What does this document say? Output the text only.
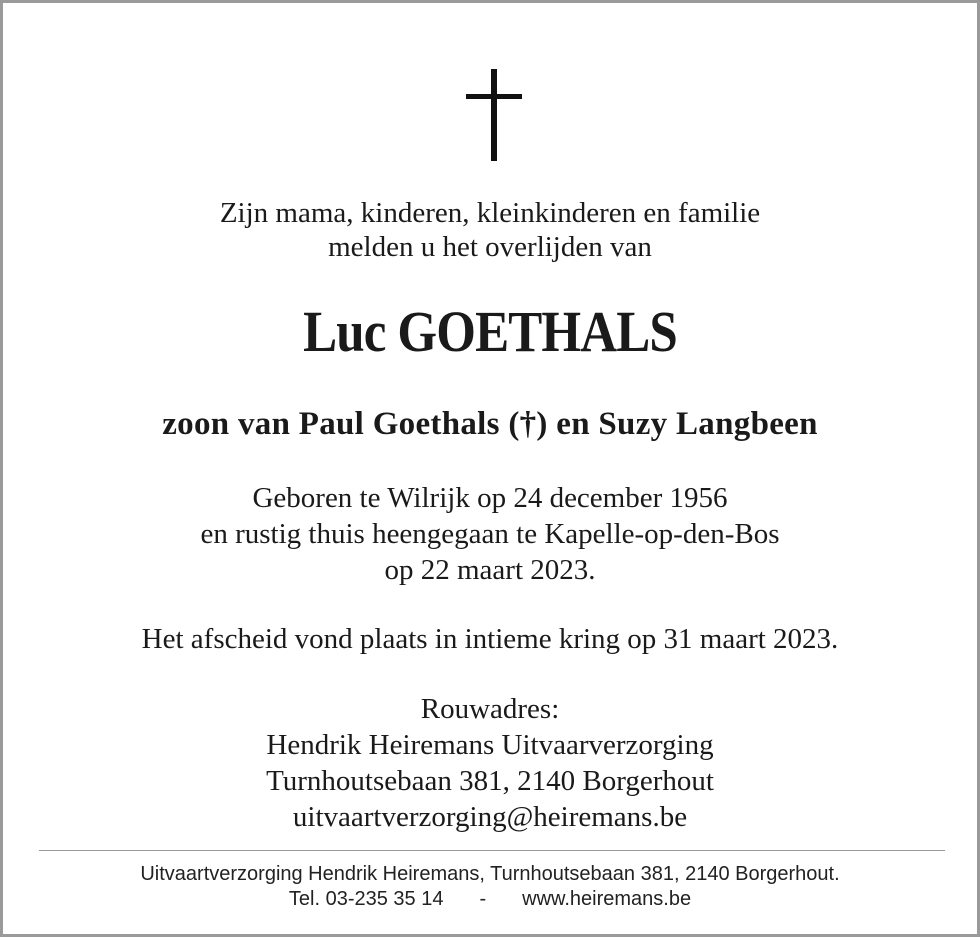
Zijn mama, kinderen, kleinkinderen en familie
melden u het overlijden van
Luc GOETHALS
zoon van Paul Goethals (†) en Suzy Langbeen
Geboren te Wilrijk op 24 december 1956
en rustig thuis heengegaan te Kapelle-op-den-Bos
op 22 maart 2023.
Het afscheid vond plaats in intieme kring op 31 maart 2023.
Rouwadres:
Hendrik Heiremans Uitvaarverzorging
Turnhoutsebaan 381, 2140 Borgerhout
uitvaartverzorging@heiremans.be
Uitvaartverzorging Hendrik Heiremans, Turnhoutsebaan 381, 2140 Borgerhout.
Tel. 03-235 35 14 - www.heiremans.be
